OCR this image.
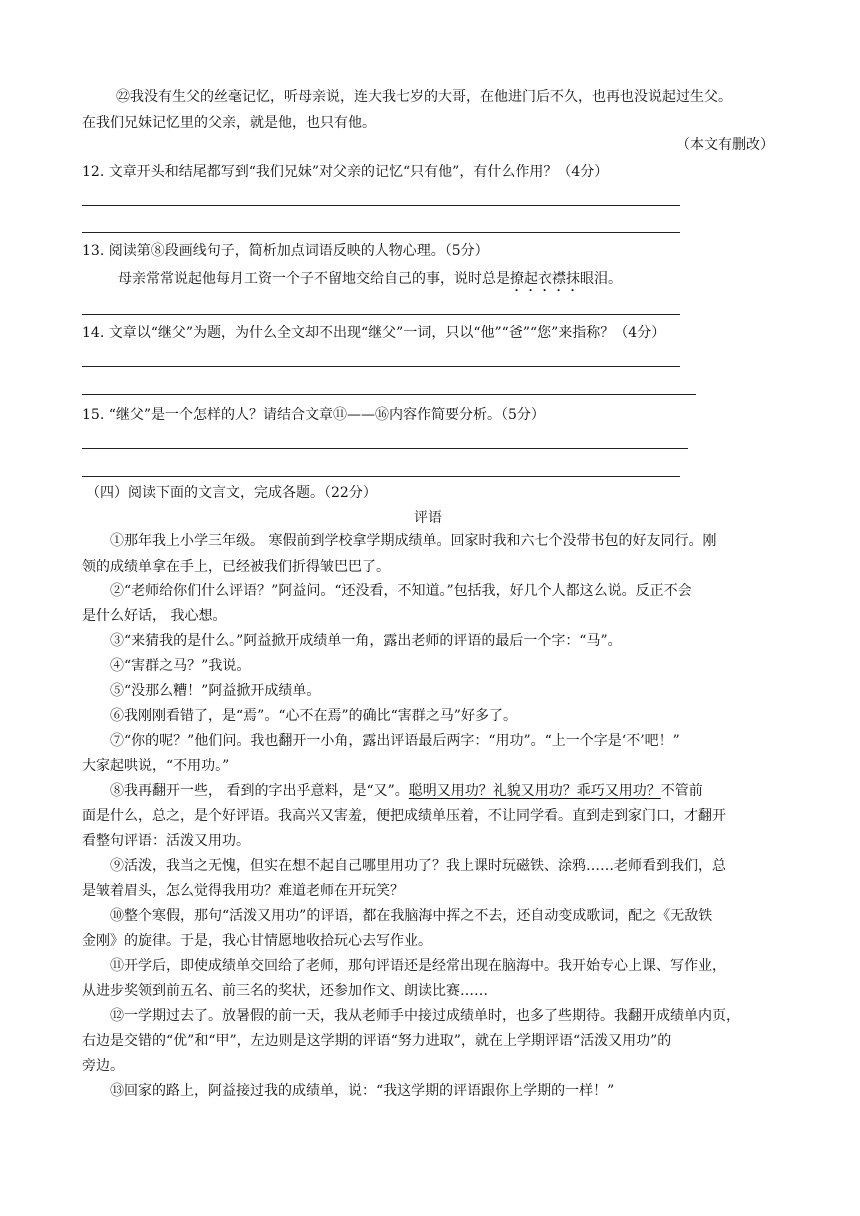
㉒我没有生父的丝毫记忆，听母亲说，连大我七岁的大哥，在他进门后不久，也再也没说起过生父。
在我们兄妹记忆里的父亲，就是他，也只有他。
（本文有删改）
12. 文章开头和结尾都写到“我们兄妹”对父亲的记忆“只有他”，有什么作用？（4分）
13. 阅读第⑧段画线句子，简析加点词语反映的人物心理。（5分）
母亲常常说起他每月工资一个子不留地交给自己的事，说时总是撩起衣襟抹眼泪。
14. 文章以“继父”为题，为什么全文却不出现“继父”一词，只以“他”“爸”“您”来指称？（4分）
15. “继父”是一个怎样的人？请结合文章⑪——⑯内容作简要分析。（5分）
（四）阅读下面的文言文，完成各题。（22分）
评语
①那年我上小学三年级。 寒假前到学校拿学期成绩单。回家时我和六七个没带书包的好友同行。刚
领的成绩单拿在手上，已经被我们折得皱巴巴了。
②“老师给你们什么评语？”阿益问。“还没看，不知道。”包括我，好几个人都这么说。反正不会
是什么好话， 我心想。
③“来猜我的是什么。”阿益掀开成绩单一角，露出老师的评语的最后一个字：“马”。
④“害群之马？”我说。
⑤“没那么糟！”阿益掀开成绩单。
⑥我刚刚看错了，是“焉”。“心不在焉”的确比“害群之马”好多了。
⑦“你的呢？”他们问。我也翻开一小角，露出评语最后两字：“用功”。“上一个字是‘不’吧！”
大家起哄说，“不用功。”
⑧我再翻开一些， 看到的字出乎意料，是“又”。聪明又用功？礼貌又用功？乖巧又用功？不管前
面是什么，总之，是个好评语。我高兴又害羞，便把成绩单压着，不让同学看。直到走到家门口，才翻开
看整句评语：活泼又用功。
⑨活泼，我当之无愧，但实在想不起自己哪里用功了？我上课时玩磁铁、涂鸦……老师看到我们，总
是皱着眉头，怎么觉得我用功？难道老师在开玩笑？
⑩整个寒假，那句“活泼又用功”的评语，都在我脑海中挥之不去，还自动变成歌词，配之《无敌铁
金刚》的旋律。于是，我心甘情愿地收拾玩心去写作业。
⑪开学后，即使成绩单交回给了老师，那句评语还是经常出现在脑海中。我开始专心上课、写作业，
从进步奖领到前五名、前三名的奖状，还参加作文、朗读比赛……
⑫一学期过去了。放暑假的前一天，我从老师手中接过成绩单时，也多了些期待。我翻开成绩单内页，
右边是交错的“优”和“甲”，左边则是这学期的评语“努力进取”，就在上学期评语“活泼又用功”的
旁边。
⑬回家的路上，阿益接过我的成绩单，说：“我这学期的评语跟你上学期的一样！”
